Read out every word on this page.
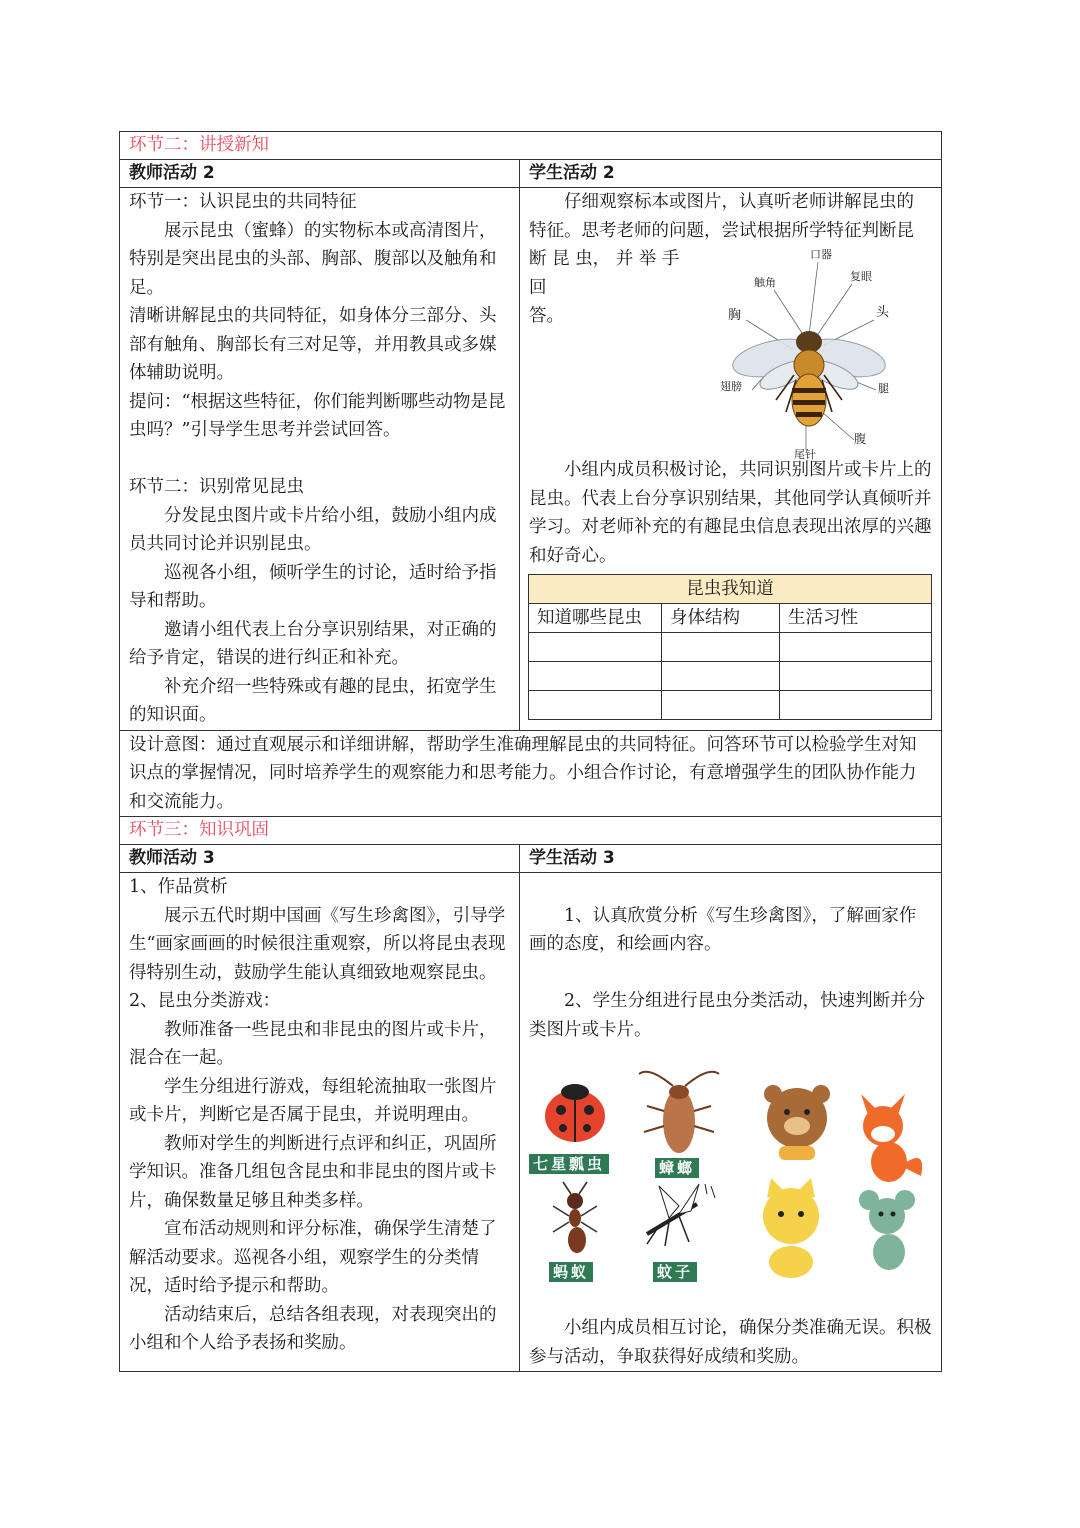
环节二：讲授新知
教师活动 2	学生活动 2

环节一：认识昆虫的共同特征

展示昆虫（蜜蜂）的实物标本或高清图片，特别是突出昆虫的头部、胸部、腹部以及触角和足。

清晰讲解昆虫的共同特征，如身体分三部分、头部有触角、胸部长有三对足等，并用教具或多媒体辅助说明。

提问：“根据这些特征，你们能判断哪些动物是昆虫吗？”引导学生思考并尝试回答。

环节二：识别常见昆虫

分发昆虫图片或卡片给小组，鼓励小组内成员共同讨论并识别昆虫。

巡视各小组，倾听学生的讨论，适时给予指导和帮助。

邀请小组代表上台分享识别结果，对正确的给予肯定，错误的进行纠正和补充。

补充介绍一些特殊或有趣的昆虫，拓宽学生的知识面。

仔细观察标本或图片，认真听老师讲解昆虫的特征。思考老师的问题，尝试根据所学特征判断昆

口器
触角	复眼
胸	头
翅膀	腿
腹
尾针
断 昆 虫， 并 举 手 回
答。

小组内成员积极讨论，共同识别图片或卡片上的昆虫。代表上台分享识别结果，其他同学认真倾听并学习。对老师补充的有趣昆虫信息表现出浓厚的兴趣和好奇心。

昆虫我知道
知道哪些昆虫	身体结构	生活习性

设计意图：通过直观展示和详细讲解，帮助学生准确理解昆虫的共同特征。问答环节可以检验学生对知识点的掌握情况，同时培养学生的观察能力和思考能力。小组合作讨论，有意增强学生的团队协作能力和交流能力。
环节三：知识巩固
教师活动 3	学生活动 3

1、作品赏析

展示五代时期中国画《写生珍禽图》，引导学生“画家画画的时候很注重观察，所以将昆虫表现得特别生动，鼓励学生能认真细致地观察昆虫。

2、昆虫分类游戏：

教师准备一些昆虫和非昆虫的图片或卡片，混合在一起。

学生分组进行游戏，每组轮流抽取一张图片或卡片，判断它是否属于昆虫，并说明理由。

教师对学生的判断进行点评和纠正，巩固所学知识。准备几组包含昆虫和非昆虫的图片或卡片，确保数量足够且种类多样。

宣布活动规则和评分标准，确保学生清楚了解活动要求。巡视各小组，观察学生的分类情况，适时给予提示和帮助。

活动结束后，总结各组表现，对表现突出的小组和个人给予表扬和奖励。

1、认真欣赏分析《写生珍禽图》，了解画家作画的态度，和绘画内容。

2、学生分组进行昆虫分类活动，快速判断并分类图片或卡片。

七星瓢虫	蟑螂
蚂蚁	蚊子

小组内成员相互讨论，确保分类准确无误。积极参与活动，争取获得好成绩和奖励。
